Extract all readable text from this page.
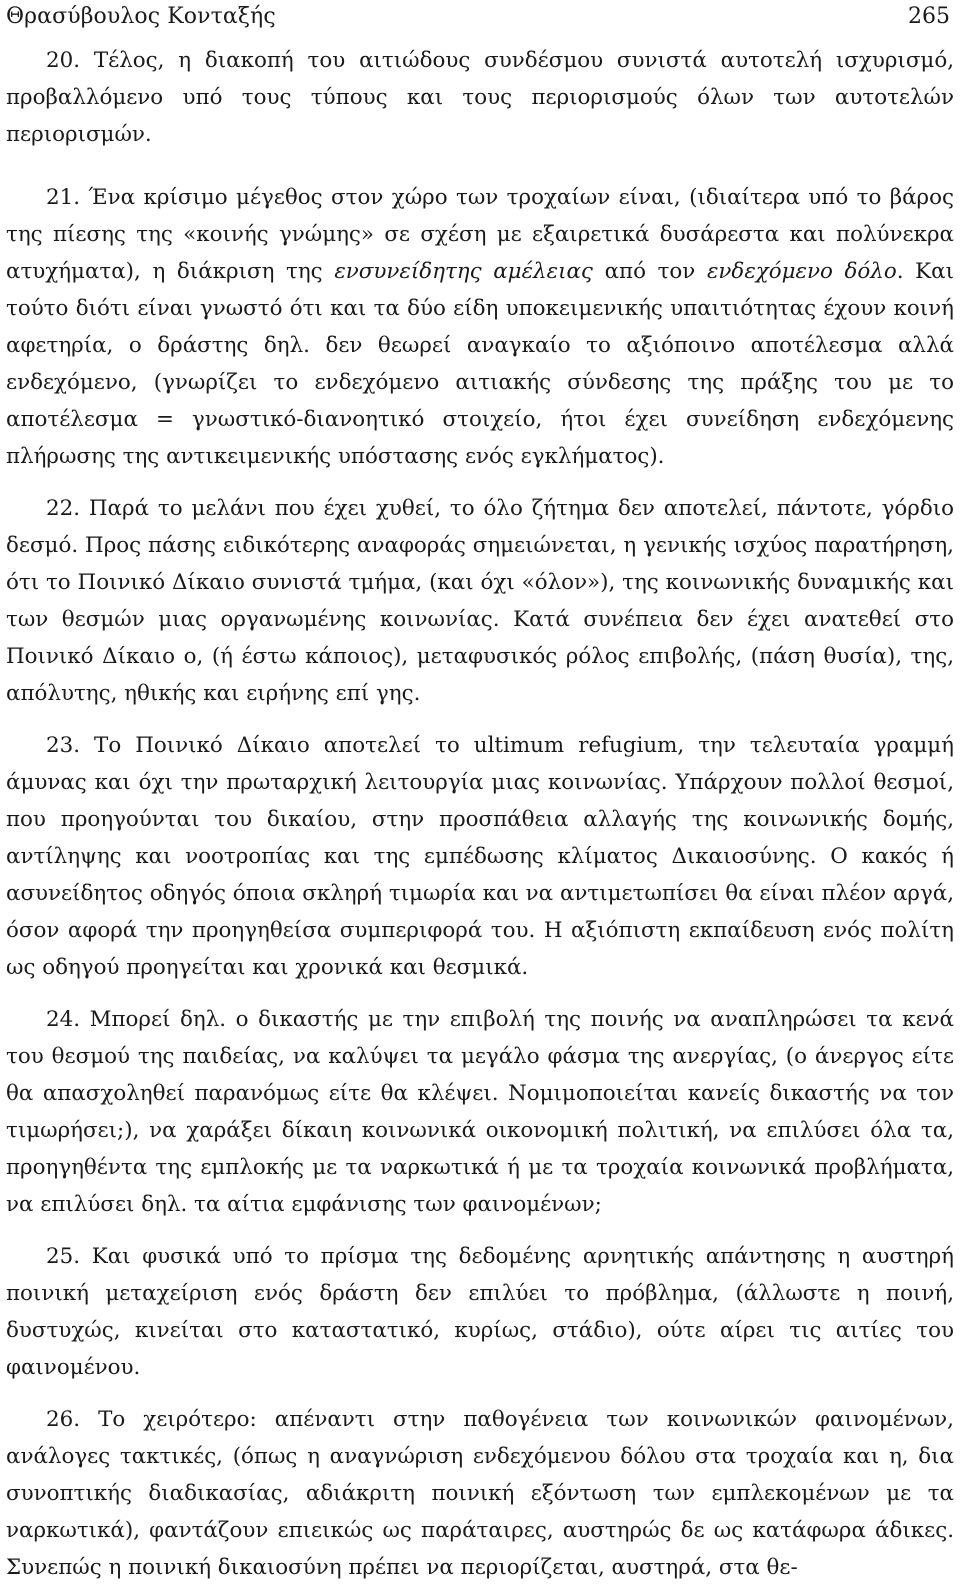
Θρασύβουλος Κονταξής	265

20. Τέλος, η διακοπή του αιτιώδους συνδέσμου συνιστά αυτοτελή ισχυρισμό, προβαλλόμενο υπό τους τύπους και τους περιορισμούς όλων των αυτοτελών περιορισμών.

21. Ένα κρίσιμο μέγεθος στον χώρο των τροχαίων είναι, (ιδιαίτερα υπό το βάρος της πίεσης της «κοινής γνώμης» σε σχέση με εξαιρετικά δυσάρεστα και πολύνεκρα ατυχήματα), η διάκριση της ενσυνείδητης αμέλειας από τον ενδεχόμενο δόλο. Και τούτο διότι είναι γνωστό ότι και τα δύο είδη υποκειμενικής υπαιτιότητας έχουν κοινή αφετηρία, ο δράστης δηλ. δεν θεωρεί αναγκαίο το αξιόποινο αποτέλεσμα αλλά ενδεχόμενο, (γνωρίζει το ενδεχόμενο αιτιακής σύνδεσης της πράξης του με το αποτέλεσμα = γνωστικό-διανοητικό στοιχείο, ήτοι έχει συνείδηση ενδεχόμενης πλήρωσης της αντικειμενικής υπόστασης ενός εγκλήματος).

22. Παρά το μελάνι που έχει χυθεί, το όλο ζήτημα δεν αποτελεί, πάντοτε, γόρδιο δεσμό. Προς πάσης ειδικότερης αναφοράς σημειώνεται, η γενικής ισχύος παρατήρηση, ότι το Ποινικό Δίκαιο συνιστά τμήμα, (και όχι «όλον»), της κοινωνικής δυναμικής και των θεσμών μιας οργανωμένης κοινωνίας. Κατά συνέπεια δεν έχει ανατεθεί στο Ποινικό Δίκαιο ο, (ή έστω κάποιος), μεταφυσικός ρόλος επιβολής, (πάση θυσία), της, απόλυτης, ηθικής και ειρήνης επί γης.

23. Το Ποινικό Δίκαιο αποτελεί το ultimum refugium, την τελευταία γραμμή άμυνας και όχι την πρωταρχική λειτουργία μιας κοινωνίας. Υπάρχουν πολλοί θεσμοί, που προηγούνται του δικαίου, στην προσπάθεια αλλαγής της κοινωνικής δομής, αντίληψης και νοοτροπίας και της εμπέδωσης κλίματος Δικαιοσύνης. Ο κακός ή ασυνείδητος οδηγός όποια σκληρή τιμωρία και να αντιμετωπίσει θα είναι πλέον αργά, όσον αφορά την προηγηθείσα συμπεριφορά του. Η αξιόπιστη εκπαίδευση ενός πολίτη ως οδηγού προηγείται και χρονικά και θεσμικά.

24. Μπορεί δηλ. ο δικαστής με την επιβολή της ποινής να αναπληρώσει τα κενά του θεσμού της παιδείας, να καλύψει τα μεγάλο φάσμα της ανεργίας, (ο άνεργος είτε θα απασχοληθεί παρανόμως είτε θα κλέψει. Νομιμοποιείται κανείς δικαστής να τον τιμωρήσει;), να χαράξει δίκαιη κοινωνικά οικονομική πολιτική, να επιλύσει όλα τα, προηγηθέντα της εμπλοκής με τα ναρκωτικά ή με τα τροχαία κοινωνικά προβλήματα, να επιλύσει δηλ. τα αίτια εμφάνισης των φαινομένων;

25. Και φυσικά υπό το πρίσμα της δεδομένης αρνητικής απάντησης η αυστηρή ποινική μεταχείριση ενός δράστη δεν επιλύει το πρόβλημα, (άλλωστε η ποινή, δυστυχώς, κινείται στο καταστατικό, κυρίως, στάδιο), ούτε αίρει τις αιτίες του φαινομένου.

26. Το χειρότερο: απέναντι στην παθογένεια των κοινωνικών φαινομένων, ανάλογες τακτικές, (όπως η αναγνώριση ενδεχόμενου δόλου στα τροχαία και η, δια συνοπτικής διαδικασίας, αδιάκριτη ποινική εξόντωση των εμπλεκομένων με τα ναρκωτικά), φαντάζουν επιεικώς ως παράταιρες, αυστηρώς δε ως κατάφωρα άδικες. Συνεπώς η ποινική δικαιοσύνη πρέπει να περιορίζεται, αυστηρά, στα θε-
